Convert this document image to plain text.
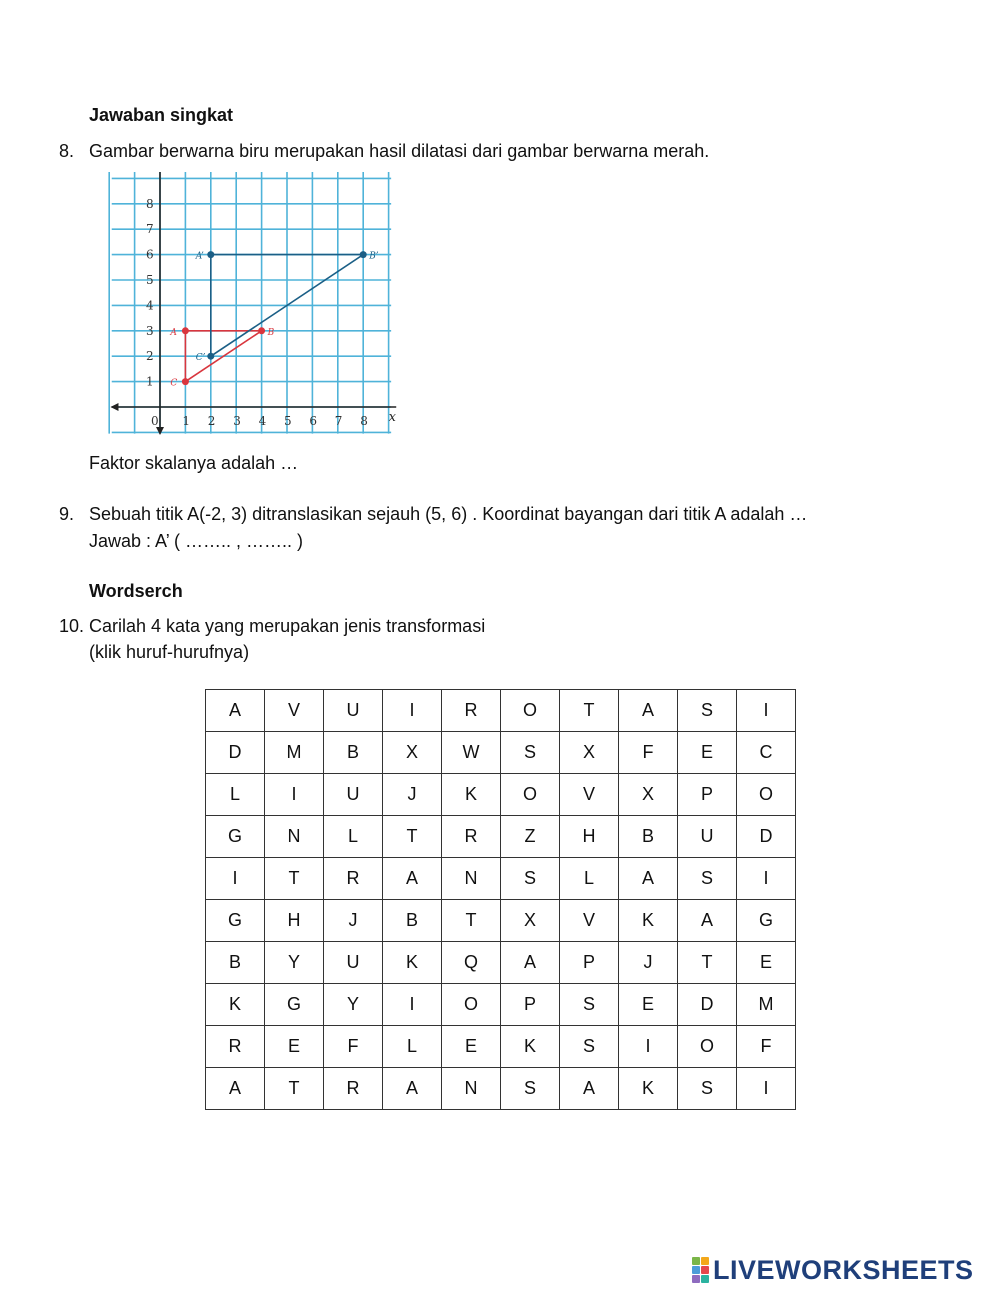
Jawaban singkat
8. Gambar berwarna biru merupakan hasil dilatasi dari gambar berwarna merah.
x
0 1 2 3 4 5 6 7 8
1
2
3
4
5
6
7
8
A	B
C
A’	B’
C’
Faktor skalanya adalah …
9. Sebuah titik A(-2, 3) ditranslasikan sejauh (5, 6) . Koordinat bayangan dari titik A adalah …
Jawab : A’ ( …….. , …….. )
Wordserch
10. Carilah 4 kata yang merupakan jenis transformasi
(klik huruf-hurufnya)
A	V	U	I	R	O	T	A	S	I
D	M	B	X	W	S	X	F	E	C
L	I	U	J	K	O	V	X	P	O
G	N	L	T	R	Z	H	B	U	D
I	T	R	A	N	S	L	A	S	I
G	H	J	B	T	X	V	K	A	G
B	Y	U	K	Q	A	P	J	T	E
K	G	Y	I	O	P	S	E	D	M
R	E	F	L	E	K	S	I	O	F
A	T	R	A	N	S	A	K	S	I
LIVEWORKSHEETS
